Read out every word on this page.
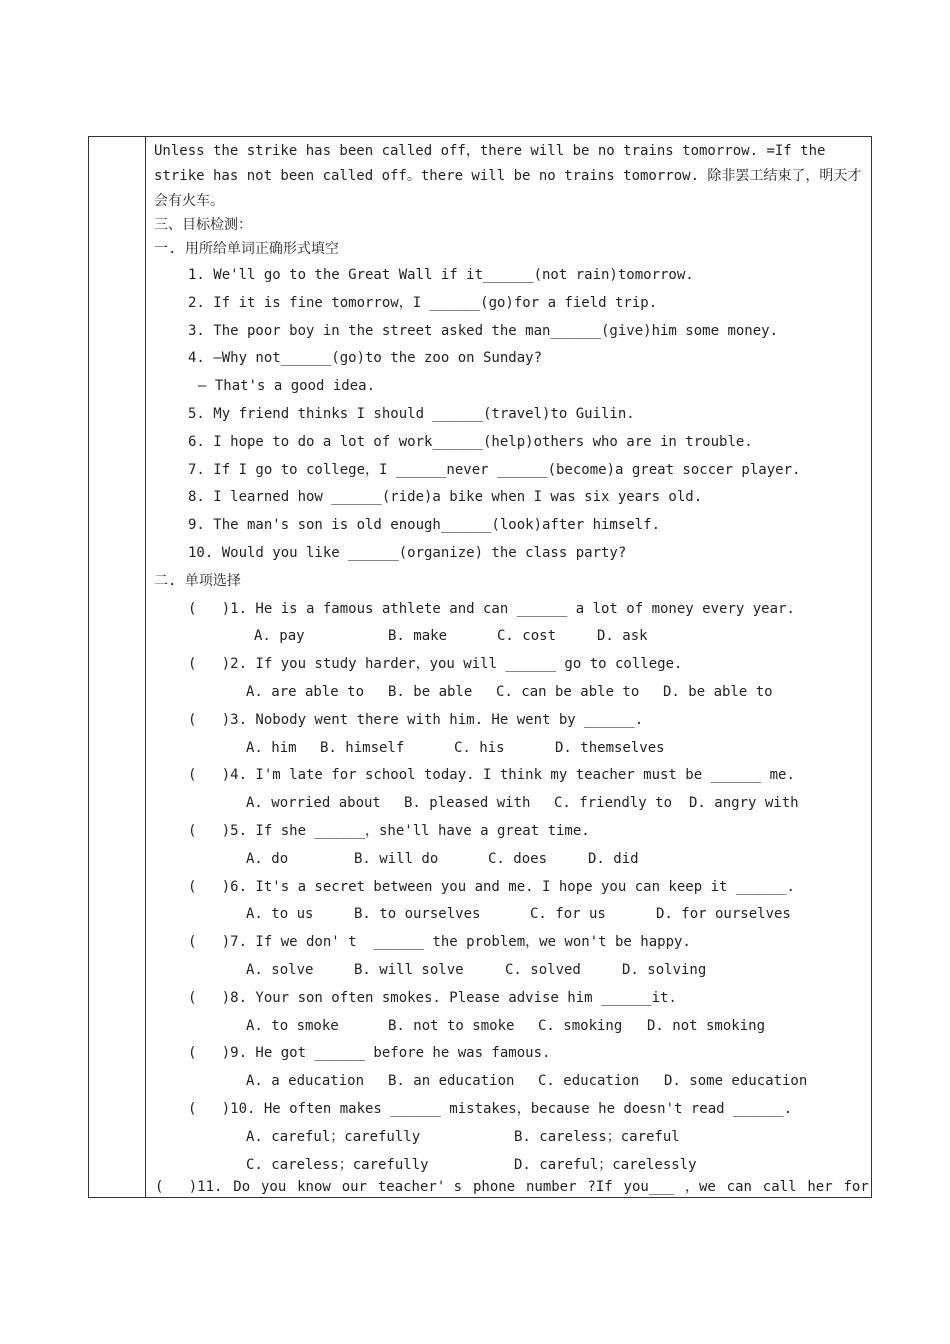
Unless the strike has been called off，there will be no trains tomorrow. =If the strike has not been called off。there will be no trains tomorrow. 除非罢工结束了，明天才会有火车。
三、目标检测：
一. 用所给单词正确形式填空
1. We'll go to the Great Wall if it______(not rain)tomorrow.
2. If it is fine tomorrow，I ______(go)for a field trip.
3. The poor boy in the street asked the man______(give)him some money.
4. —Why not______(go)to the zoo on Sunday?
— That's a good idea.
5. My friend thinks I should ______(travel)to Guilin.
6. I hope to do a lot of work______(help)others who are in trouble.
7. If I go to college，I ______never ______(become)a great soccer player.
8. I learned how ______(ride)a bike when I was six years old.
9. The man's son is old enough______(look)after himself.
10. Would you like ______(organize) the class party?
二. 单项选择
(   )1. He is a famous athlete and can ______ a lot of money every year.
A. pay	B. make	C. cost	D. ask
(   )2. If you study harder，you will ______ go to college.
A. are able to B. be able C. can be able to D. be able to
(   )3. Nobody went there with him. He went by ______.
A. him B. himself	C. his	D. themselves
(   )4. I'm late for school today. I think my teacher must be ______ me.
A. worried about B. pleased with C. friendly to D. angry with
(   )5. If she ______，she'll have a great time.
A. do	B. will do	C. does	D. did
(   )6. It's a secret between you and me. I hope you can keep it ______.
A. to us	B. to ourselves	C. for us	D. for ourselves
(   )7. If we don' t  ______ the problem，we won't be happy.
A. solve	B. will solve	C. solved	D. solving
(   )8. Your son often smokes. Please advise him ______it.
A. to smoke	B. not to smoke C. smoking D. not smoking
(   )9. He got ______ before he was famous.
A. a education B. an education C. education D. some education
(   )10. He often makes ______ mistakes，because he doesn't read ______.
A. careful；carefully	B. careless；careful
C. careless；carefully	D. careful；carelessly
(   )11. Do you know our teacher' s phone number ?If you___ ，we can call her for
